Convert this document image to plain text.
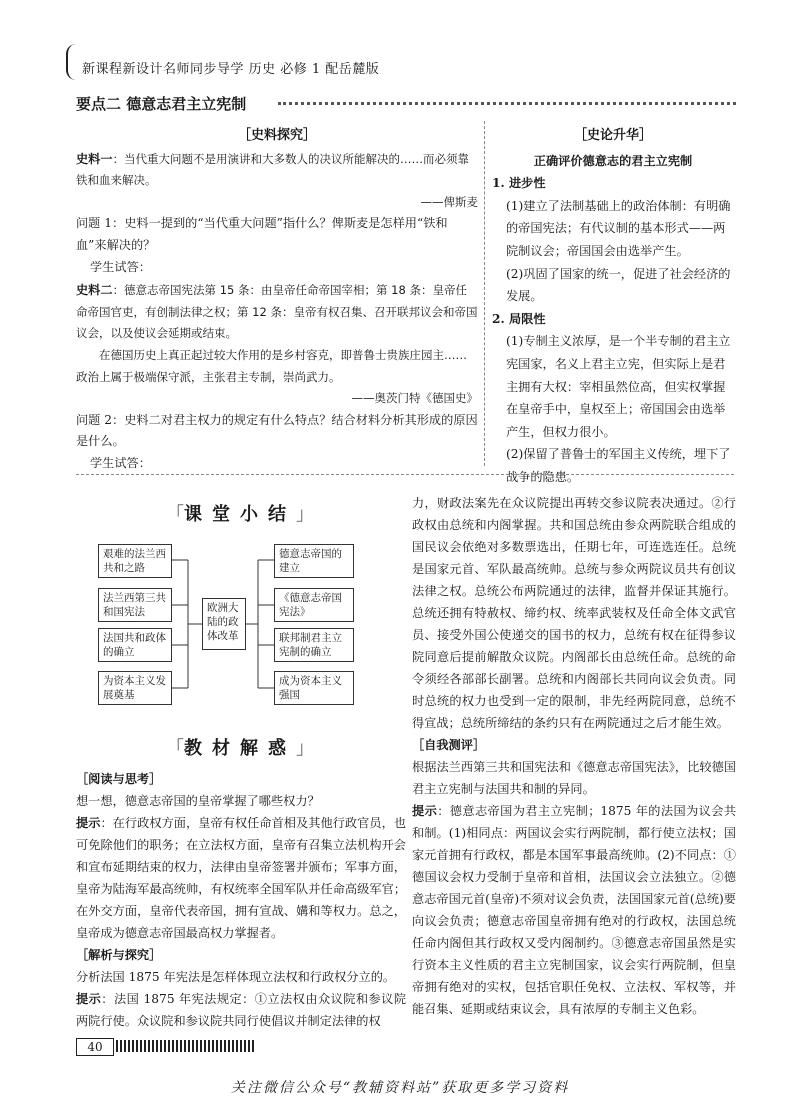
新课程新设计名师同步导学 历史 必修 1 配岳麓版
要点二 德意志君主立宪制
［史料探究］
史料一：当代重大问题不是用演讲和大多数人的决议所能解决的……而必须靠铁和血来解决。
——俾斯麦
问题 1：史料一提到的“当代重大问题”指什么？俾斯麦是怎样用“铁和血”来解决的？
学生试答：
史料二：德意志帝国宪法第 15 条：由皇帝任命帝国宰相；第 18 条：皇帝任命帝国官吏，有创制法律之权；第 12 条：皇帝有权召集、召开联邦议会和帝国议会，以及使议会延期或结束。
在德国历史上真正起过较大作用的是乡村容克，即普鲁士贵族庄园主……政治上属于极端保守派，主张君主专制，崇尚武力。
——奥茨门特《德国史》
问题 2：史料二对君主权力的规定有什么特点？结合材料分析其形成的原因是什么。
学生试答：
［史论升华］
正确评价德意志的君主立宪制
1. 进步性
(1)建立了法制基础上的政治体制：有明确的帝国宪法；有代议制的基本形式——两院制议会；帝国国会由选举产生。
(2)巩固了国家的统一，促进了社会经济的发展。
2. 局限性
(1)专制主义浓厚，是一个半专制的君主立宪国家，名义上君主立宪，但实际上是君主拥有大权：宰相虽然位高，但实权掌握在皇帝手中，皇权至上；帝国国会由选举产生，但权力很小。
(2)保留了普鲁士的军国主义传统，埋下了战争的隐患。
「课堂小结」
艰难的法兰西共和之路
法兰西第三共和国宪法
法国共和政体的确立
为资本主义发展奠基
欧洲大陆的政体改革
德意志帝国的建立
《德意志帝国宪法》
联邦制君主立宪制的确立
成为资本主义强国
「教材解惑」
［阅读与思考］
想一想，德意志帝国的皇帝掌握了哪些权力？
提示：在行政权方面，皇帝有权任命首相及其他行政官员，也可免除他们的职务；在立法权方面，皇帝有召集立法机构开会和宣布延期结束的权力，法律由皇帝签署并颁布；军事方面，皇帝为陆海军最高统帅，有权统率全国军队并任命高级军官；在外交方面，皇帝代表帝国，拥有宣战、媾和等权力。总之，皇帝成为德意志帝国最高权力掌握者。
［解析与探究］
分析法国 1875 年宪法是怎样体现立法权和行政权分立的。
提示：法国 1875 年宪法规定：①立法权由众议院和参议院两院行使。众议院和参议院共同行使倡议并制定法律的权
力，财政法案先在众议院提出再转交参议院表决通过。②行政权由总统和内阁掌握。共和国总统由参众两院联合组成的国民议会依绝对多数票选出，任期七年，可连选连任。总统是国家元首、军队最高统帅。总统与参众两院议员共有创议法律之权。总统公布两院通过的法律，监督并保证其施行。总统还拥有特赦权、缔约权、统率武装权及任命全体文武官员、接受外国公使递交的国书的权力，总统有权在征得参议院同意后提前解散众议院。内阁部长由总统任命。总统的命令须经各部部长副署。总统和内阁部长共同向议会负责。同时总统的权力也受到一定的限制，非先经两院同意，总统不得宣战；总统所缔结的条约只有在两院通过之后才能生效。
［自我测评］
根据法兰西第三共和国宪法和《德意志帝国宪法》，比较德国君主立宪制与法国共和制的异同。
提示：德意志帝国为君主立宪制；1875 年的法国为议会共和制。(1)相同点：两国议会实行两院制，都行使立法权；国家元首拥有行政权，都是本国军事最高统帅。(2)不同点：①德国议会权力受制于皇帝和首相，法国议会立法独立。②德意志帝国元首(皇帝)不须对议会负责，法国国家元首(总统)要向议会负责；德意志帝国皇帝拥有绝对的行政权，法国总统任命内阁但其行政权又受内阁制约。③德意志帝国虽然是实行资本主义性质的君主立宪制国家，议会实行两院制，但皇帝拥有绝对的实权，包括官职任免权、立法权、军权等，并能召集、延期或结束议会，具有浓厚的专制主义色彩。
40
关注微信公众号“教辅资料站”获取更多学习资料
